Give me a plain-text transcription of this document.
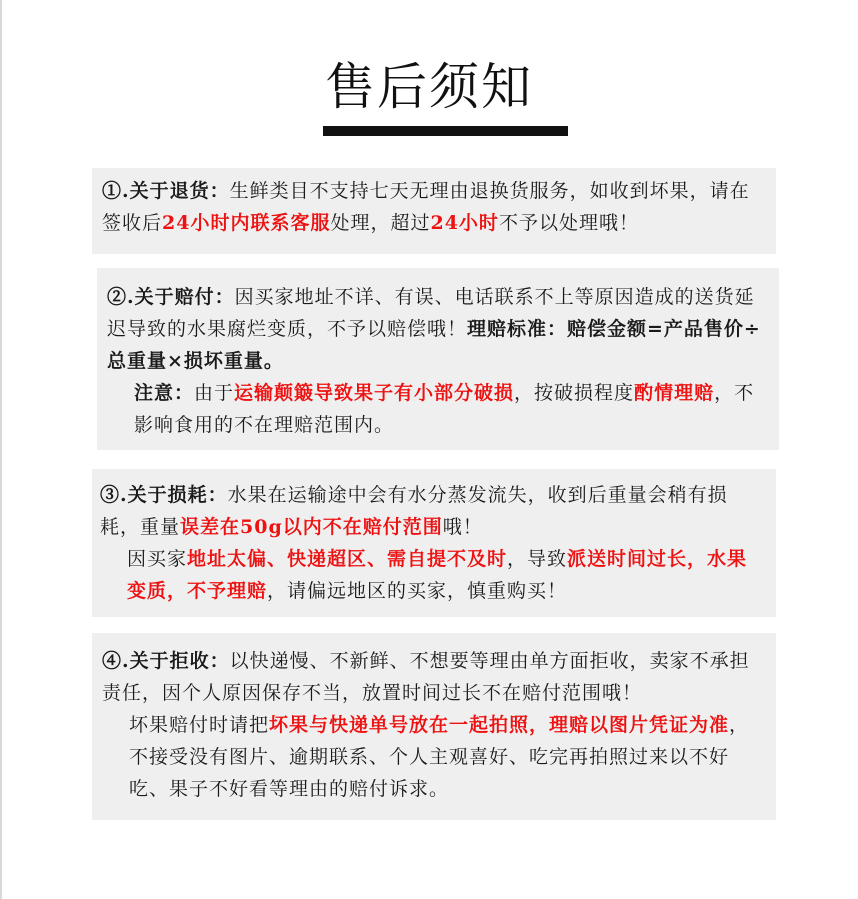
售后须知
①.关于退货：生鲜类目不支持七天无理由退换货服务，如收到坏果，请在签收后24小时内联系客服处理，超过24小时不予以处理哦！
②.关于赔付：因买家地址不详、有误、电话联系不上等原因造成的送货延迟导致的水果腐烂变质，不予以赔偿哦！理赔标准：赔偿金额=产品售价÷总重量×损坏重量。
注意：由于运输颠簸导致果子有小部分破损，按破损程度酌情理赔，不影响食用的不在理赔范围内。
③.关于损耗：水果在运输途中会有水分蒸发流失，收到后重量会稍有损耗，重量误差在50g以内不在赔付范围哦！
因买家地址太偏、快递超区、需自提不及时，导致派送时间过长，水果变质，不予理赔，请偏远地区的买家，慎重购买！
④.关于拒收：以快递慢、不新鲜、不想要等理由单方面拒收，卖家不承担责任，因个人原因保存不当，放置时间过长不在赔付范围哦！
坏果赔付时请把坏果与快递单号放在一起拍照，理赔以图片凭证为准，不接受没有图片、逾期联系、个人主观喜好、吃完再拍照过来以不好吃、果子不好看等理由的赔付诉求。
